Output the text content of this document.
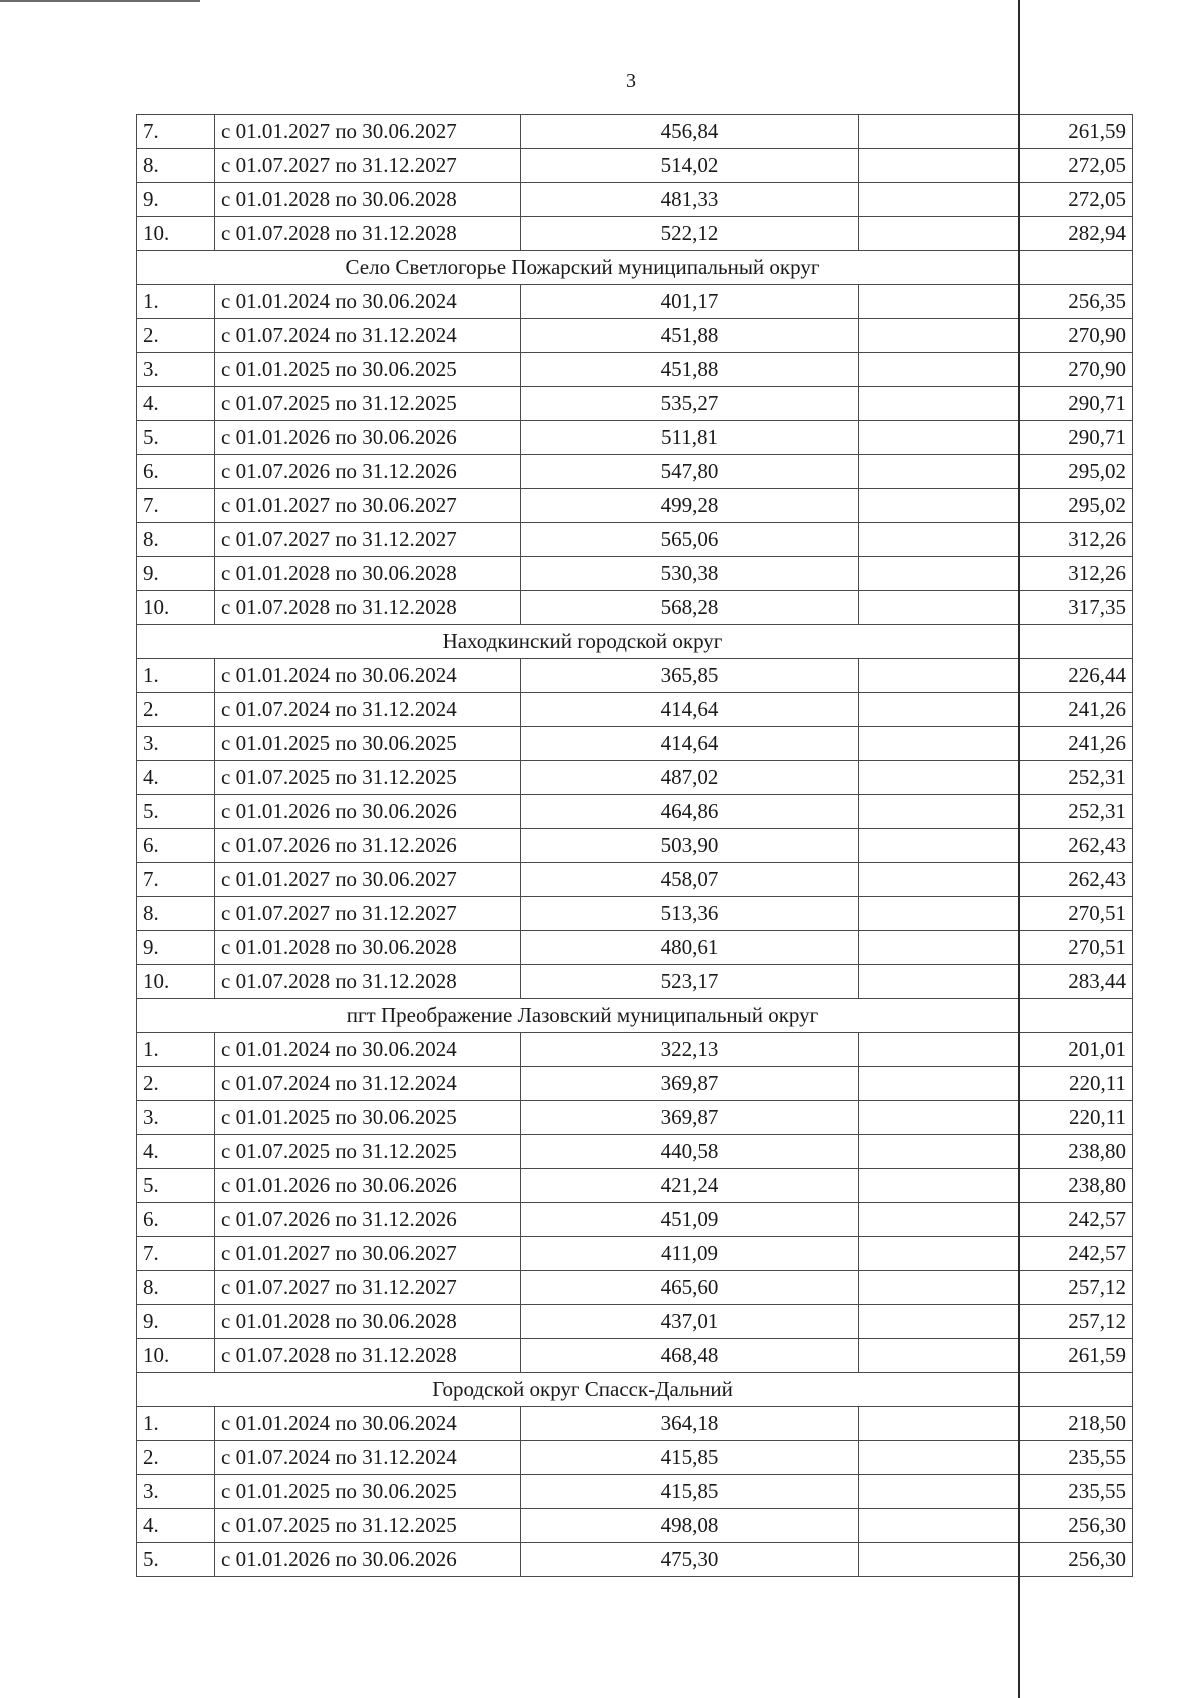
3
7.	с 01.01.2027 по 30.06.2027	456,84	261,59
8.	с 01.07.2027 по 31.12.2027	514,02	272,05
9.	с 01.01.2028 по 30.06.2028	481,33	272,05
10.	с 01.07.2028 по 31.12.2028	522,12	282,94
Село Светлогорье Пожарский муниципальный округ			
1.	с 01.01.2024 по 30.06.2024	401,17	256,35
2.	с 01.07.2024 по 31.12.2024	451,88	270,90
3.	с 01.01.2025 по 30.06.2025	451,88	270,90
4.	с 01.07.2025 по 31.12.2025	535,27	290,71
5.	с 01.01.2026 по 30.06.2026	511,81	290,71
6.	с 01.07.2026 по 31.12.2026	547,80	295,02
7.	с 01.01.2027 по 30.06.2027	499,28	295,02
8.	с 01.07.2027 по 31.12.2027	565,06	312,26
9.	с 01.01.2028 по 30.06.2028	530,38	312,26
10.	с 01.07.2028 по 31.12.2028	568,28	317,35
Находкинский городской округ			
1.	с 01.01.2024 по 30.06.2024	365,85	226,44
2.	с 01.07.2024 по 31.12.2024	414,64	241,26
3.	с 01.01.2025 по 30.06.2025	414,64	241,26
4.	с 01.07.2025 по 31.12.2025	487,02	252,31
5.	с 01.01.2026 по 30.06.2026	464,86	252,31
6.	с 01.07.2026 по 31.12.2026	503,90	262,43
7.	с 01.01.2027 по 30.06.2027	458,07	262,43
8.	с 01.07.2027 по 31.12.2027	513,36	270,51
9.	с 01.01.2028 по 30.06.2028	480,61	270,51
10.	с 01.07.2028 по 31.12.2028	523,17	283,44
пгт Преображение Лазовский муниципальный округ			
1.	с 01.01.2024 по 30.06.2024	322,13	201,01
2.	с 01.07.2024 по 31.12.2024	369,87	220,11
3.	с 01.01.2025 по 30.06.2025	369,87	220,11
4.	с 01.07.2025 по 31.12.2025	440,58	238,80
5.	с 01.01.2026 по 30.06.2026	421,24	238,80
6.	с 01.07.2026 по 31.12.2026	451,09	242,57
7.	с 01.01.2027 по 30.06.2027	411,09	242,57
8.	с 01.07.2027 по 31.12.2027	465,60	257,12
9.	с 01.01.2028 по 30.06.2028	437,01	257,12
10.	с 01.07.2028 по 31.12.2028	468,48	261,59
Городской округ Спасск-Дальний			
1.	с 01.01.2024 по 30.06.2024	364,18	218,50
2.	с 01.07.2024 по 31.12.2024	415,85	235,55
3.	с 01.01.2025 по 30.06.2025	415,85	235,55
4.	с 01.07.2025 по 31.12.2025	498,08	256,30
5.	с 01.01.2026 по 30.06.2026	475,30	256,30
